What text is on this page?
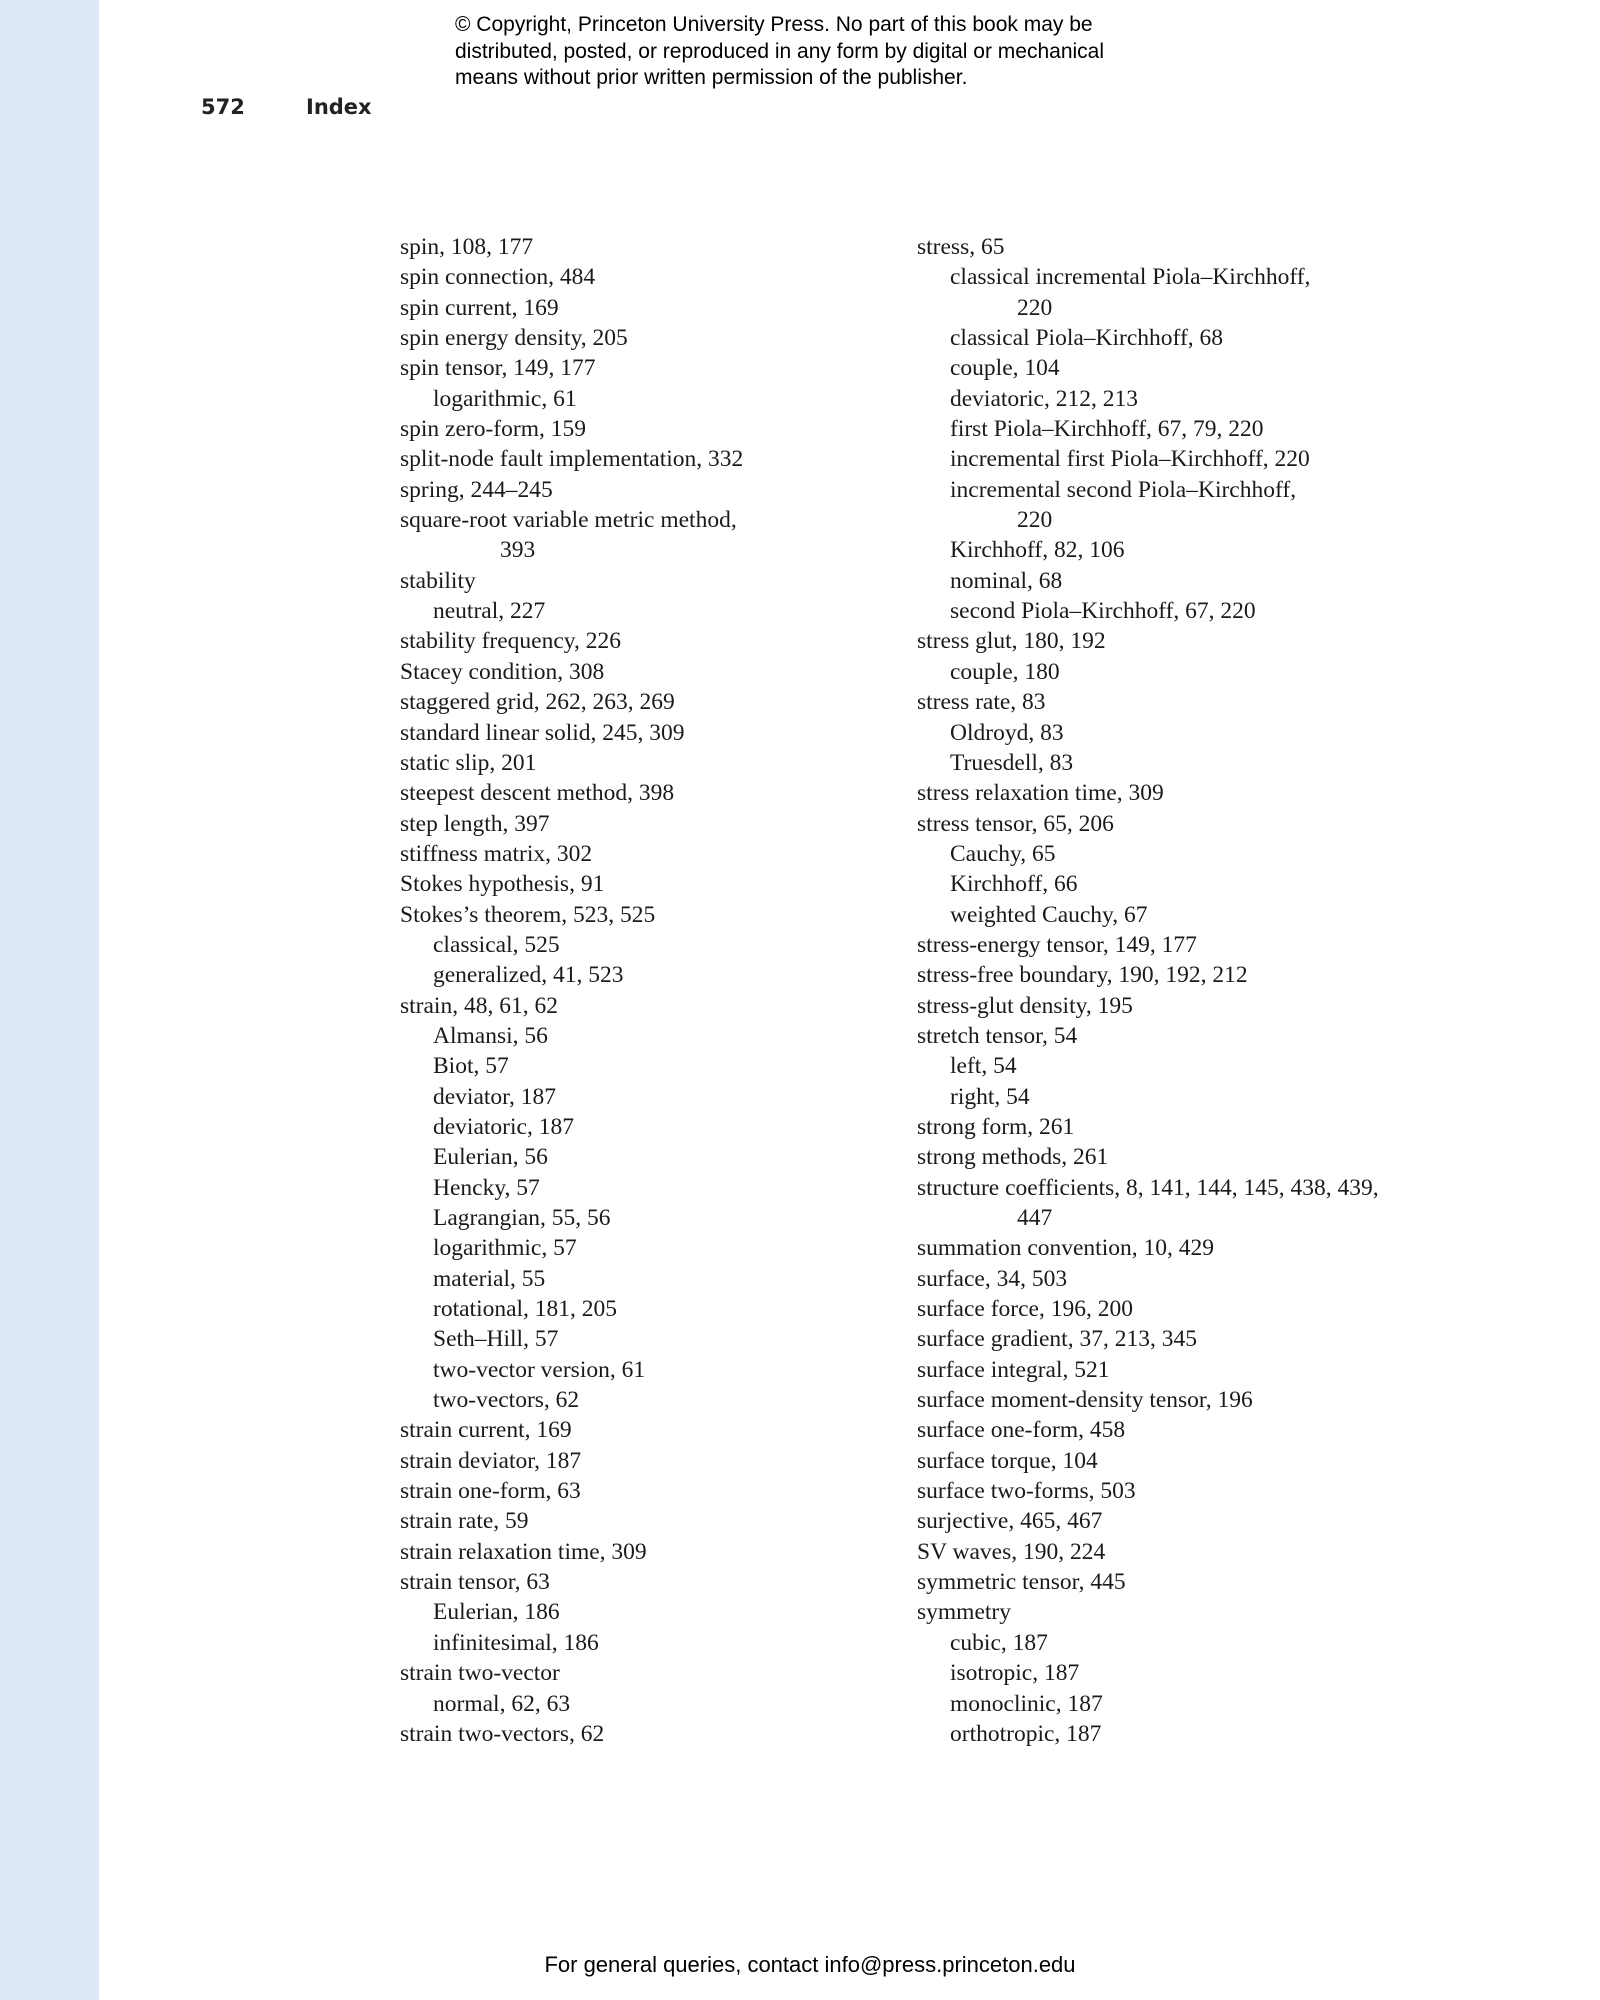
© Copyright, Princeton University Press. No part of this book may be
distributed, posted, or reproduced in any form by digital or mechanical
means without prior written permission of the publisher.
572	Index
spin, 108, 177
spin connection, 484
spin current, 169
spin energy density, 205
spin tensor, 149, 177
logarithmic, 61
spin zero-form, 159
split-node fault implementation, 332
spring, 244–245
square-root variable metric method,
393
stability
neutral, 227
stability frequency, 226
Stacey condition, 308
staggered grid, 262, 263, 269
standard linear solid, 245, 309
static slip, 201
steepest descent method, 398
step length, 397
stiffness matrix, 302
Stokes hypothesis, 91
Stokes’s theorem, 523, 525
classical, 525
generalized, 41, 523
strain, 48, 61, 62
Almansi, 56
Biot, 57
deviator, 187
deviatoric, 187
Eulerian, 56
Hencky, 57
Lagrangian, 55, 56
logarithmic, 57
material, 55
rotational, 181, 205
Seth–Hill, 57
two-vector version, 61
two-vectors, 62
strain current, 169
strain deviator, 187
strain one-form, 63
strain rate, 59
strain relaxation time, 309
strain tensor, 63
Eulerian, 186
infinitesimal, 186
strain two-vector
normal, 62, 63
strain two-vectors, 62
stress, 65
classical incremental Piola–Kirchhoff,
220
classical Piola–Kirchhoff, 68
couple, 104
deviatoric, 212, 213
first Piola–Kirchhoff, 67, 79, 220
incremental first Piola–Kirchhoff, 220
incremental second Piola–Kirchhoff,
220
Kirchhoff, 82, 106
nominal, 68
second Piola–Kirchhoff, 67, 220
stress glut, 180, 192
couple, 180
stress rate, 83
Oldroyd, 83
Truesdell, 83
stress relaxation time, 309
stress tensor, 65, 206
Cauchy, 65
Kirchhoff, 66
weighted Cauchy, 67
stress-energy tensor, 149, 177
stress-free boundary, 190, 192, 212
stress-glut density, 195
stretch tensor, 54
left, 54
right, 54
strong form, 261
strong methods, 261
structure coefficients, 8, 141, 144, 145, 438, 439,
447
summation convention, 10, 429
surface, 34, 503
surface force, 196, 200
surface gradient, 37, 213, 345
surface integral, 521
surface moment-density tensor, 196
surface one-form, 458
surface torque, 104
surface two-forms, 503
surjective, 465, 467
SV waves, 190, 224
symmetric tensor, 445
symmetry
cubic, 187
isotropic, 187
monoclinic, 187
orthotropic, 187
For general queries, contact info@press.princeton.edu
